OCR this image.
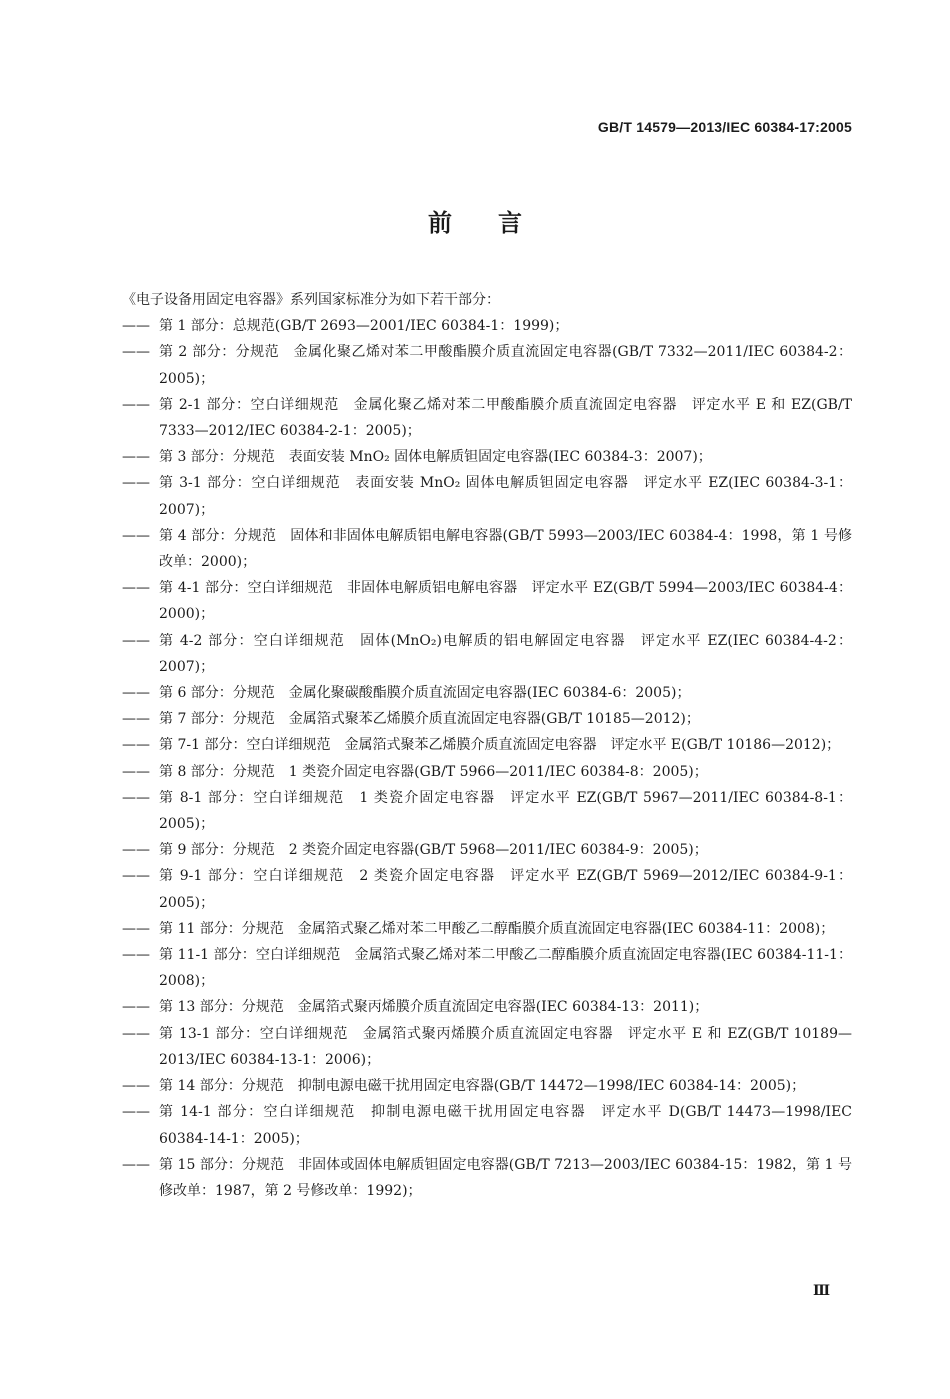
GB/T 14579—2013/IEC 60384-17:2005
前言

《电子设备用固定电容器》系列国家标准分为如下若干部分：

—— 第 1 部分：总规范(GB/T 2693—2001/IEC 60384-1：1999)；

—— 第 2 部分：分规范　金属化聚乙烯对苯二甲酸酯膜介质直流固定电容器(GB/T 7332—2011/IEC 60384-2：2005)；

—— 第 2-1 部分：空白详细规范　金属化聚乙烯对苯二甲酸酯膜介质直流固定电容器　评定水平 E 和 EZ(GB/T 7333—2012/IEC 60384-2-1：2005)；

—— 第 3 部分：分规范　表面安装 MnO₂ 固体电解质钽固定电容器(IEC 60384-3：2007)；

—— 第 3-1 部分：空白详细规范　表面安装 MnO₂ 固体电解质钽固定电容器　评定水平 EZ(IEC 60384-3-1：2007)；

—— 第 4 部分：分规范　固体和非固体电解质铝电解电容器(GB/T 5993—2003/IEC 60384-4：1998，第 1 号修改单：2000)；

—— 第 4-1 部分：空白详细规范　非固体电解质铝电解电容器　评定水平 EZ(GB/T 5994—2003/IEC 60384-4：2000)；

—— 第 4-2 部分：空白详细规范　固体(MnO₂)电解质的铝电解固定电容器　评定水平 EZ(IEC 60384-4-2：2007)；

—— 第 6 部分：分规范　金属化聚碳酸酯膜介质直流固定电容器(IEC 60384-6：2005)；

—— 第 7 部分：分规范　金属箔式聚苯乙烯膜介质直流固定电容器(GB/T 10185—2012)；

—— 第 7-1 部分：空白详细规范　金属箔式聚苯乙烯膜介质直流固定电容器　评定水平 E(GB/T 10186—2012)；

—— 第 8 部分：分规范　1 类瓷介固定电容器(GB/T 5966—2011/IEC 60384-8：2005)；

—— 第 8-1 部分：空白详细规范　1 类瓷介固定电容器　评定水平 EZ(GB/T 5967—2011/IEC 60384-8-1：2005)；

—— 第 9 部分：分规范　2 类瓷介固定电容器(GB/T 5968—2011/IEC 60384-9：2005)；

—— 第 9-1 部分：空白详细规范　2 类瓷介固定电容器　评定水平 EZ(GB/T 5969—2012/IEC 60384-9-1：2005)；

—— 第 11 部分：分规范　金属箔式聚乙烯对苯二甲酸乙二醇酯膜介质直流固定电容器(IEC 60384-11：2008)；

—— 第 11-1 部分：空白详细规范　金属箔式聚乙烯对苯二甲酸乙二醇酯膜介质直流固定电容器(IEC 60384-11-1：2008)；

—— 第 13 部分：分规范　金属箔式聚丙烯膜介质直流固定电容器(IEC 60384-13：2011)；

—— 第 13-1 部分：空白详细规范　金属箔式聚丙烯膜介质直流固定电容器　评定水平 E 和 EZ(GB/T 10189—2013/IEC 60384-13-1：2006)；

—— 第 14 部分：分规范　抑制电源电磁干扰用固定电容器(GB/T 14472—1998/IEC 60384-14：2005)；

—— 第 14-1 部分：空白详细规范　抑制电源电磁干扰用固定电容器　评定水平 D(GB/T 14473—1998/IEC 60384-14-1：2005)；

—— 第 15 部分：分规范　非固体或固体电解质钽固定电容器(GB/T 7213—2003/IEC 60384-15：1982，第 1 号修改单：1987，第 2 号修改单：1992)；

Ⅲ
